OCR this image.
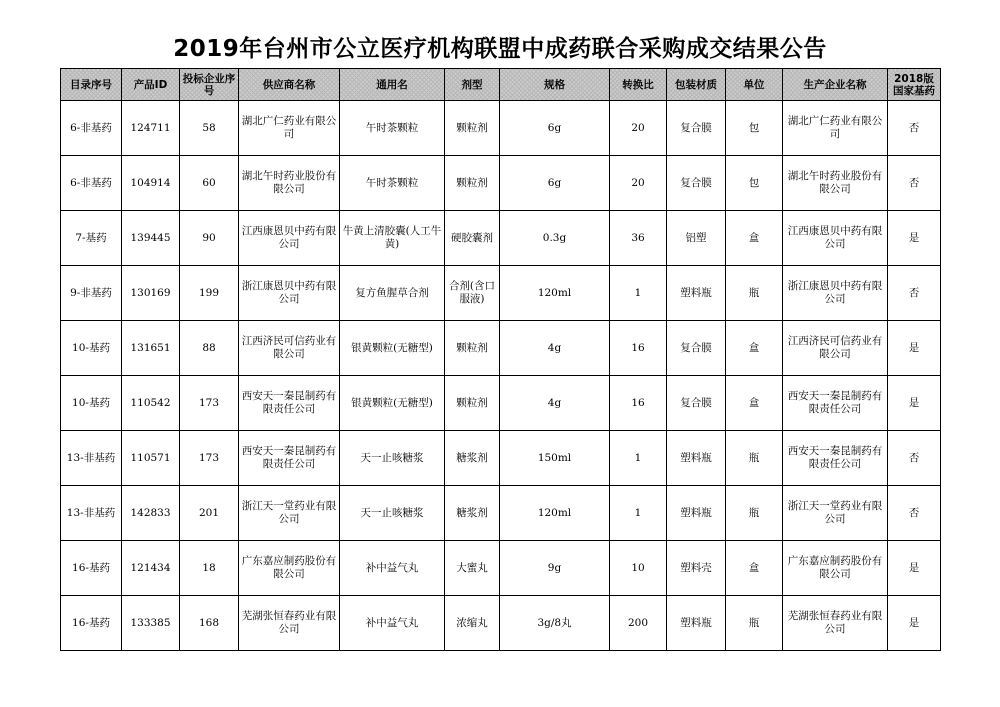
2019年台州市公立医疗机构联盟中成药联合采购成交结果公告
目录序号	产品ID	投标企业序号	供应商名称	通用名	剂型	规格	转换比	包装材质	单位	生产企业名称	2018版国家基药
6-非基药	124711	58	湖北广仁药业有限公司	午时茶颗粒	颗粒剂	6g	20	复合膜	包	湖北广仁药业有限公司	否
6-非基药	104914	60	湖北午时药业股份有限公司	午时茶颗粒	颗粒剂	6g	20	复合膜	包	湖北午时药业股份有限公司	否
7-基药	139445	90	江西康恩贝中药有限公司	牛黄上清胶囊(人工牛黄)	硬胶囊剂	0.3g	36	铝塑	盒	江西康恩贝中药有限公司	是
9-非基药	130169	199	浙江康恩贝中药有限公司	复方鱼腥草合剂	合剂(含口服液)	120ml	1	塑料瓶	瓶	浙江康恩贝中药有限公司	否
10-基药	131651	88	江西济民可信药业有限公司	银黄颗粒(无糖型)	颗粒剂	4g	16	复合膜	盒	江西济民可信药业有限公司	是
10-基药	110542	173	西安天一秦昆制药有限责任公司	银黄颗粒(无糖型)	颗粒剂	4g	16	复合膜	盒	西安天一秦昆制药有限责任公司	是
13-非基药	110571	173	西安天一秦昆制药有限责任公司	天一止咳糖浆	糖浆剂	150ml	1	塑料瓶	瓶	西安天一秦昆制药有限责任公司	否
13-非基药	142833	201	浙江天一堂药业有限公司	天一止咳糖浆	糖浆剂	120ml	1	塑料瓶	瓶	浙江天一堂药业有限公司	否
16-基药	121434	18	广东嘉应制药股份有限公司	补中益气丸	大蜜丸	9g	10	塑料壳	盒	广东嘉应制药股份有限公司	是
16-基药	133385	168	芜湖张恒春药业有限公司	补中益气丸	浓缩丸	3g/8丸	200	塑料瓶	瓶	芜湖张恒春药业有限公司	是
